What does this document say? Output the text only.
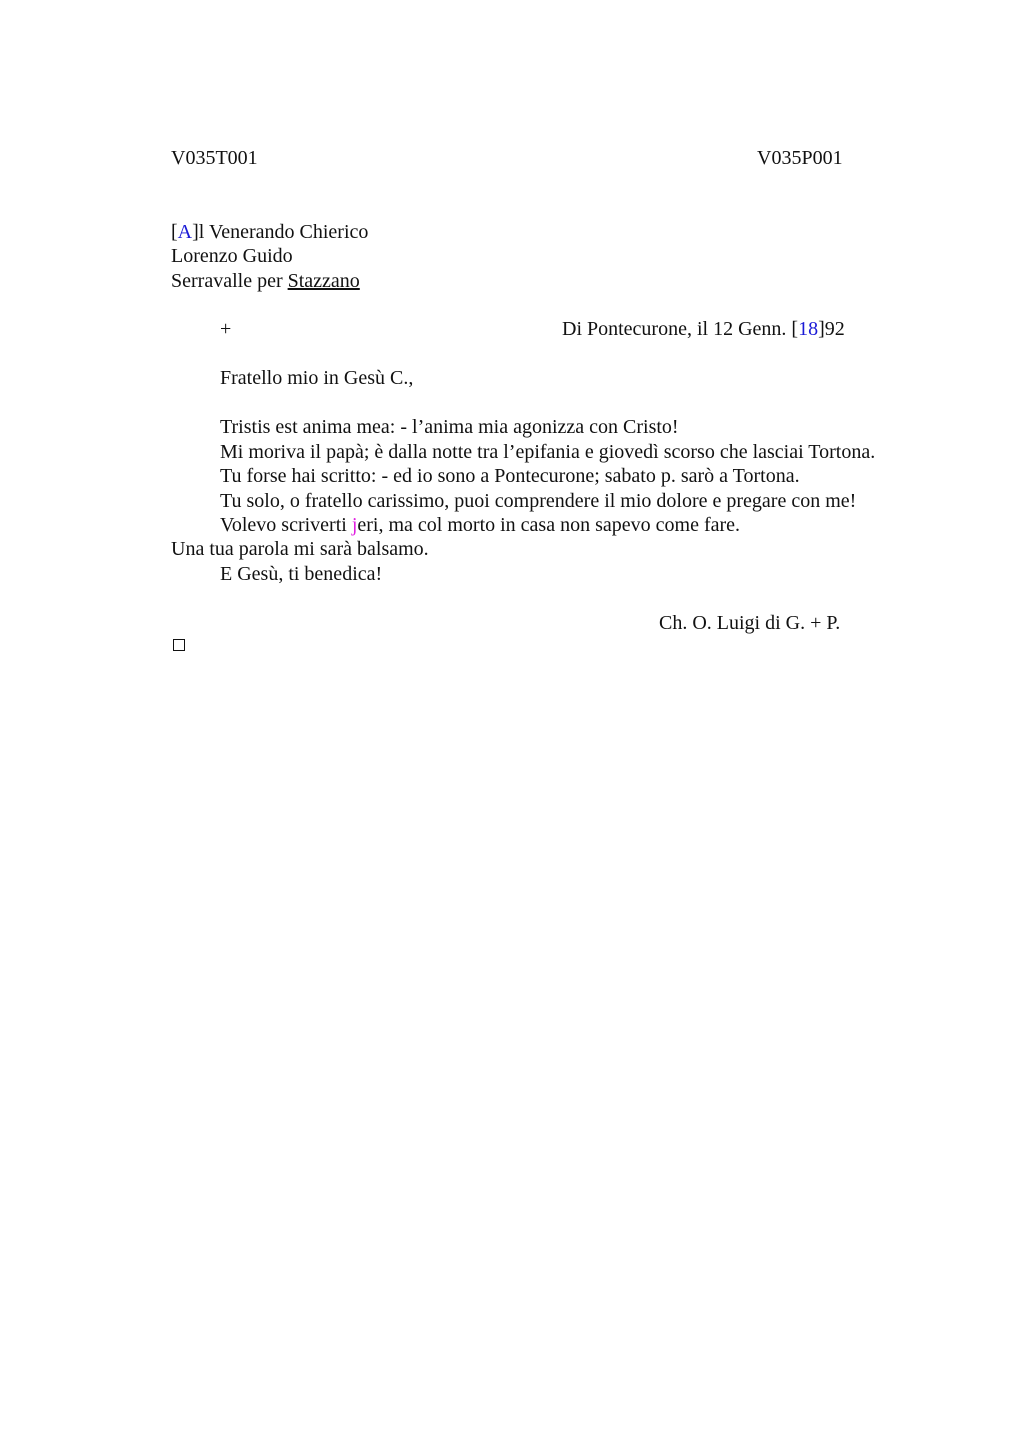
V035T001	V035P001
[A]l Venerando Chierico
Lorenzo Guido
Serravalle per Stazzano
+	Di Pontecurone, il 12 Genn. [18]92
Fratello mio in Gesù C.,
Tristis est anima mea: - l’anima mia agonizza con Cristo!
Mi moriva il papà; è dalla notte tra l’epifania e giovedì scorso che lasciai Tortona.
Tu forse hai scritto: - ed io sono a Pontecurone; sabato p. sarò a Tortona.
Tu solo, o fratello carissimo, puoi comprendere il mio dolore e pregare con me!
Volevo scriverti jeri, ma col morto in casa non sapevo come fare.
Una tua parola mi sarà balsamo.
E Gesù, ti benedica!
Ch. O. Luigi di G. + P.
